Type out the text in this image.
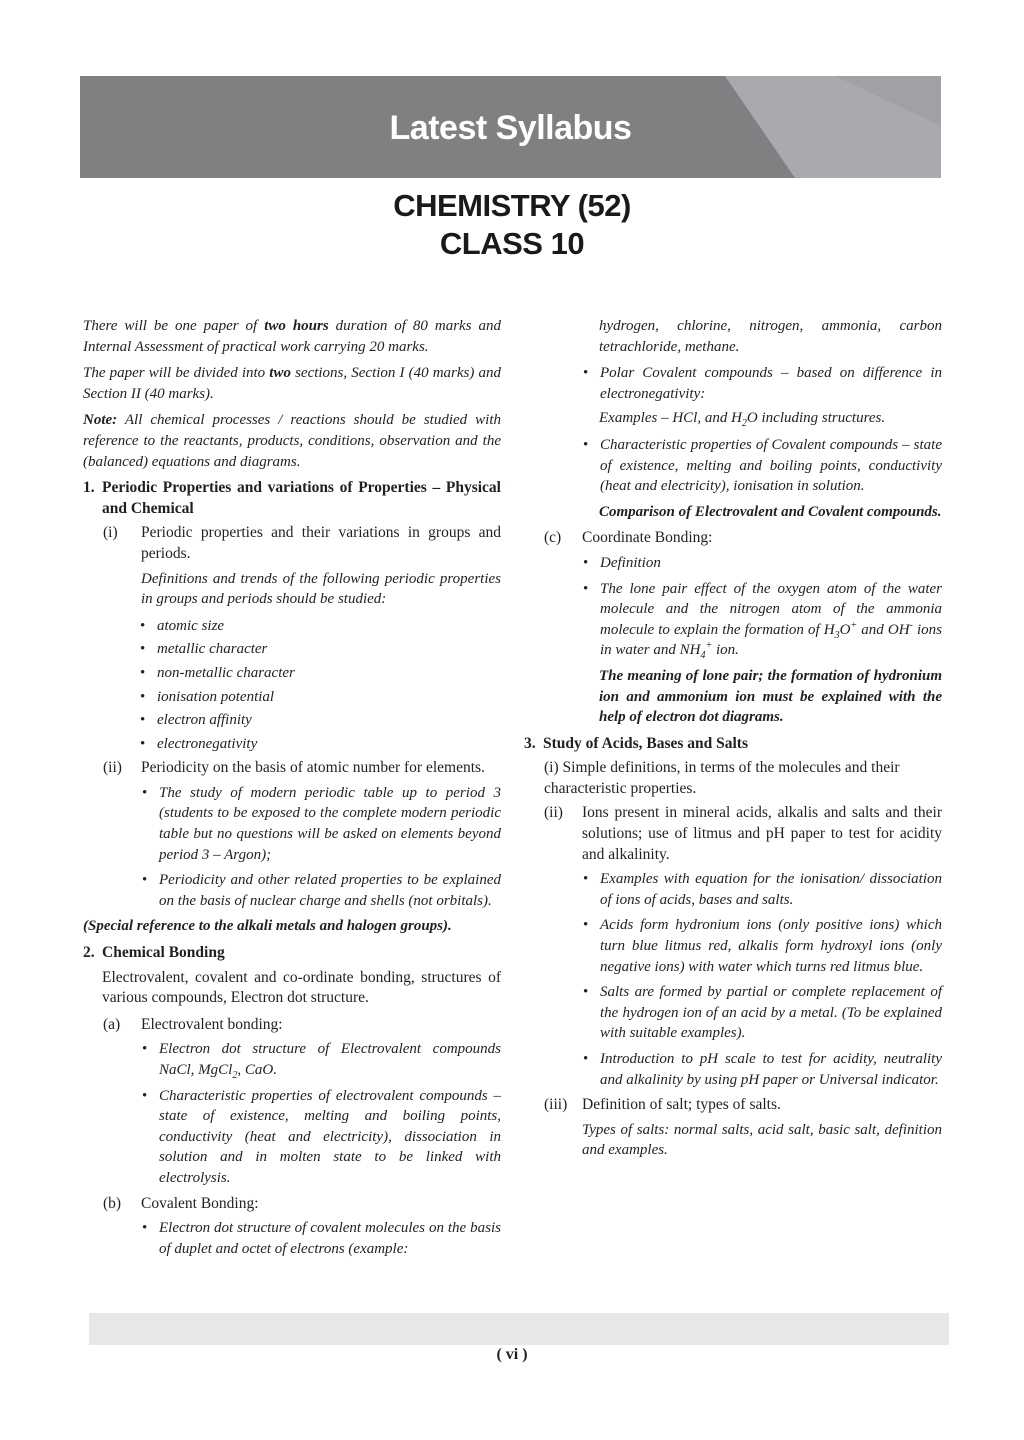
Latest Syllabus
CHEMISTRY (52)
CLASS 10

There will be one paper of two hours duration of 80 marks and Internal Assessment of practical work carrying 20 marks.

The paper will be divided into two sections, Section I (40 marks) and Section II (40 marks).

Note: All chemical processes / reactions should be studied with reference to the reactants, products, conditions, observation and the (balanced) equations and diagrams.

1. Periodic Properties and variations of Properties – Physical and Chemical
(i)	Periodic properties and their variations in groups and periods.

Definitions and trends of the following periodic properties in groups and periods should be studied:

• atomic size
• metallic character
• non-metallic character
• ionisation potential
• electron affinity
• electronegativity
(ii)	Periodicity on the basis of atomic number for elements.
• The study of modern periodic table up to period 3 (students to be exposed to the complete modern periodic table but no questions will be asked on elements beyond period 3 – Argon);
• Periodicity and other related properties to be explained on the basis of nuclear charge and shells (not orbitals).

(Special reference to the alkali metals and halogen groups).

2. Chemical Bonding

Electrovalent, covalent and co-ordinate bonding, structures of various compounds, Electron dot structure.

(a)	Electrovalent bonding:
• Electron dot structure of Electrovalent compounds NaCl, MgCl$_2$, CaO.
• Characteristic properties of electrovalent compounds – state of existence, melting and boiling points, conductivity (heat and electricity), dissociation in solution and in molten state to be linked with electrolysis.
(b)	Covalent Bonding:
• Electron dot structure of covalent molecules on the basis of duplet and octet of electrons (example:

hydrogen, chlorine, nitrogen, ammonia, carbon tetrachloride, methane.

• Polar Covalent compounds – based on difference in electronegativity:

Examples – HCl, and $H_2O$ including structures.

• Characteristic properties of Covalent compounds – state of existence, melting and boiling points, conductivity (heat and electricity), ionisation in solution.

Comparison of Electrovalent and Covalent compounds.

(c)	Coordinate Bonding:
• Definition
• The lone pair effect of the oxygen atom of the water molecule and the nitrogen atom of the ammonia molecule to explain the formation of $H_3O^+$ and OH- ions in water and $NH_4^+$ ion.

The meaning of lone pair; the formation of hydronium ion and ammonium ion must be explained with the help of electron dot diagrams.

3. Study of Acids, Bases and Salts
(i) Simple definitions, in terms of the molecules and their characteristic properties.
(ii)	Ions present in mineral acids, alkalis and salts and their solutions; use of litmus and pH paper to test for acidity and alkalinity.
• Examples with equation for the ionisation/ dissociation of ions of acids, bases and salts.
• Acids form hydronium ions (only positive ions) which turn blue litmus red, alkalis form hydroxyl ions (only negative ions) with water which turns red litmus blue.
• Salts are formed by partial or complete replacement of the hydrogen ion of an acid by a metal. (To be explained with suitable examples).
• Introduction to pH scale to test for acidity, neutrality and alkalinity by using pH paper or Universal indicator.
(iii) Definition of salt; types of salts.

Types of salts: normal salts, acid salt, basic salt, definition and examples.

( vi )
